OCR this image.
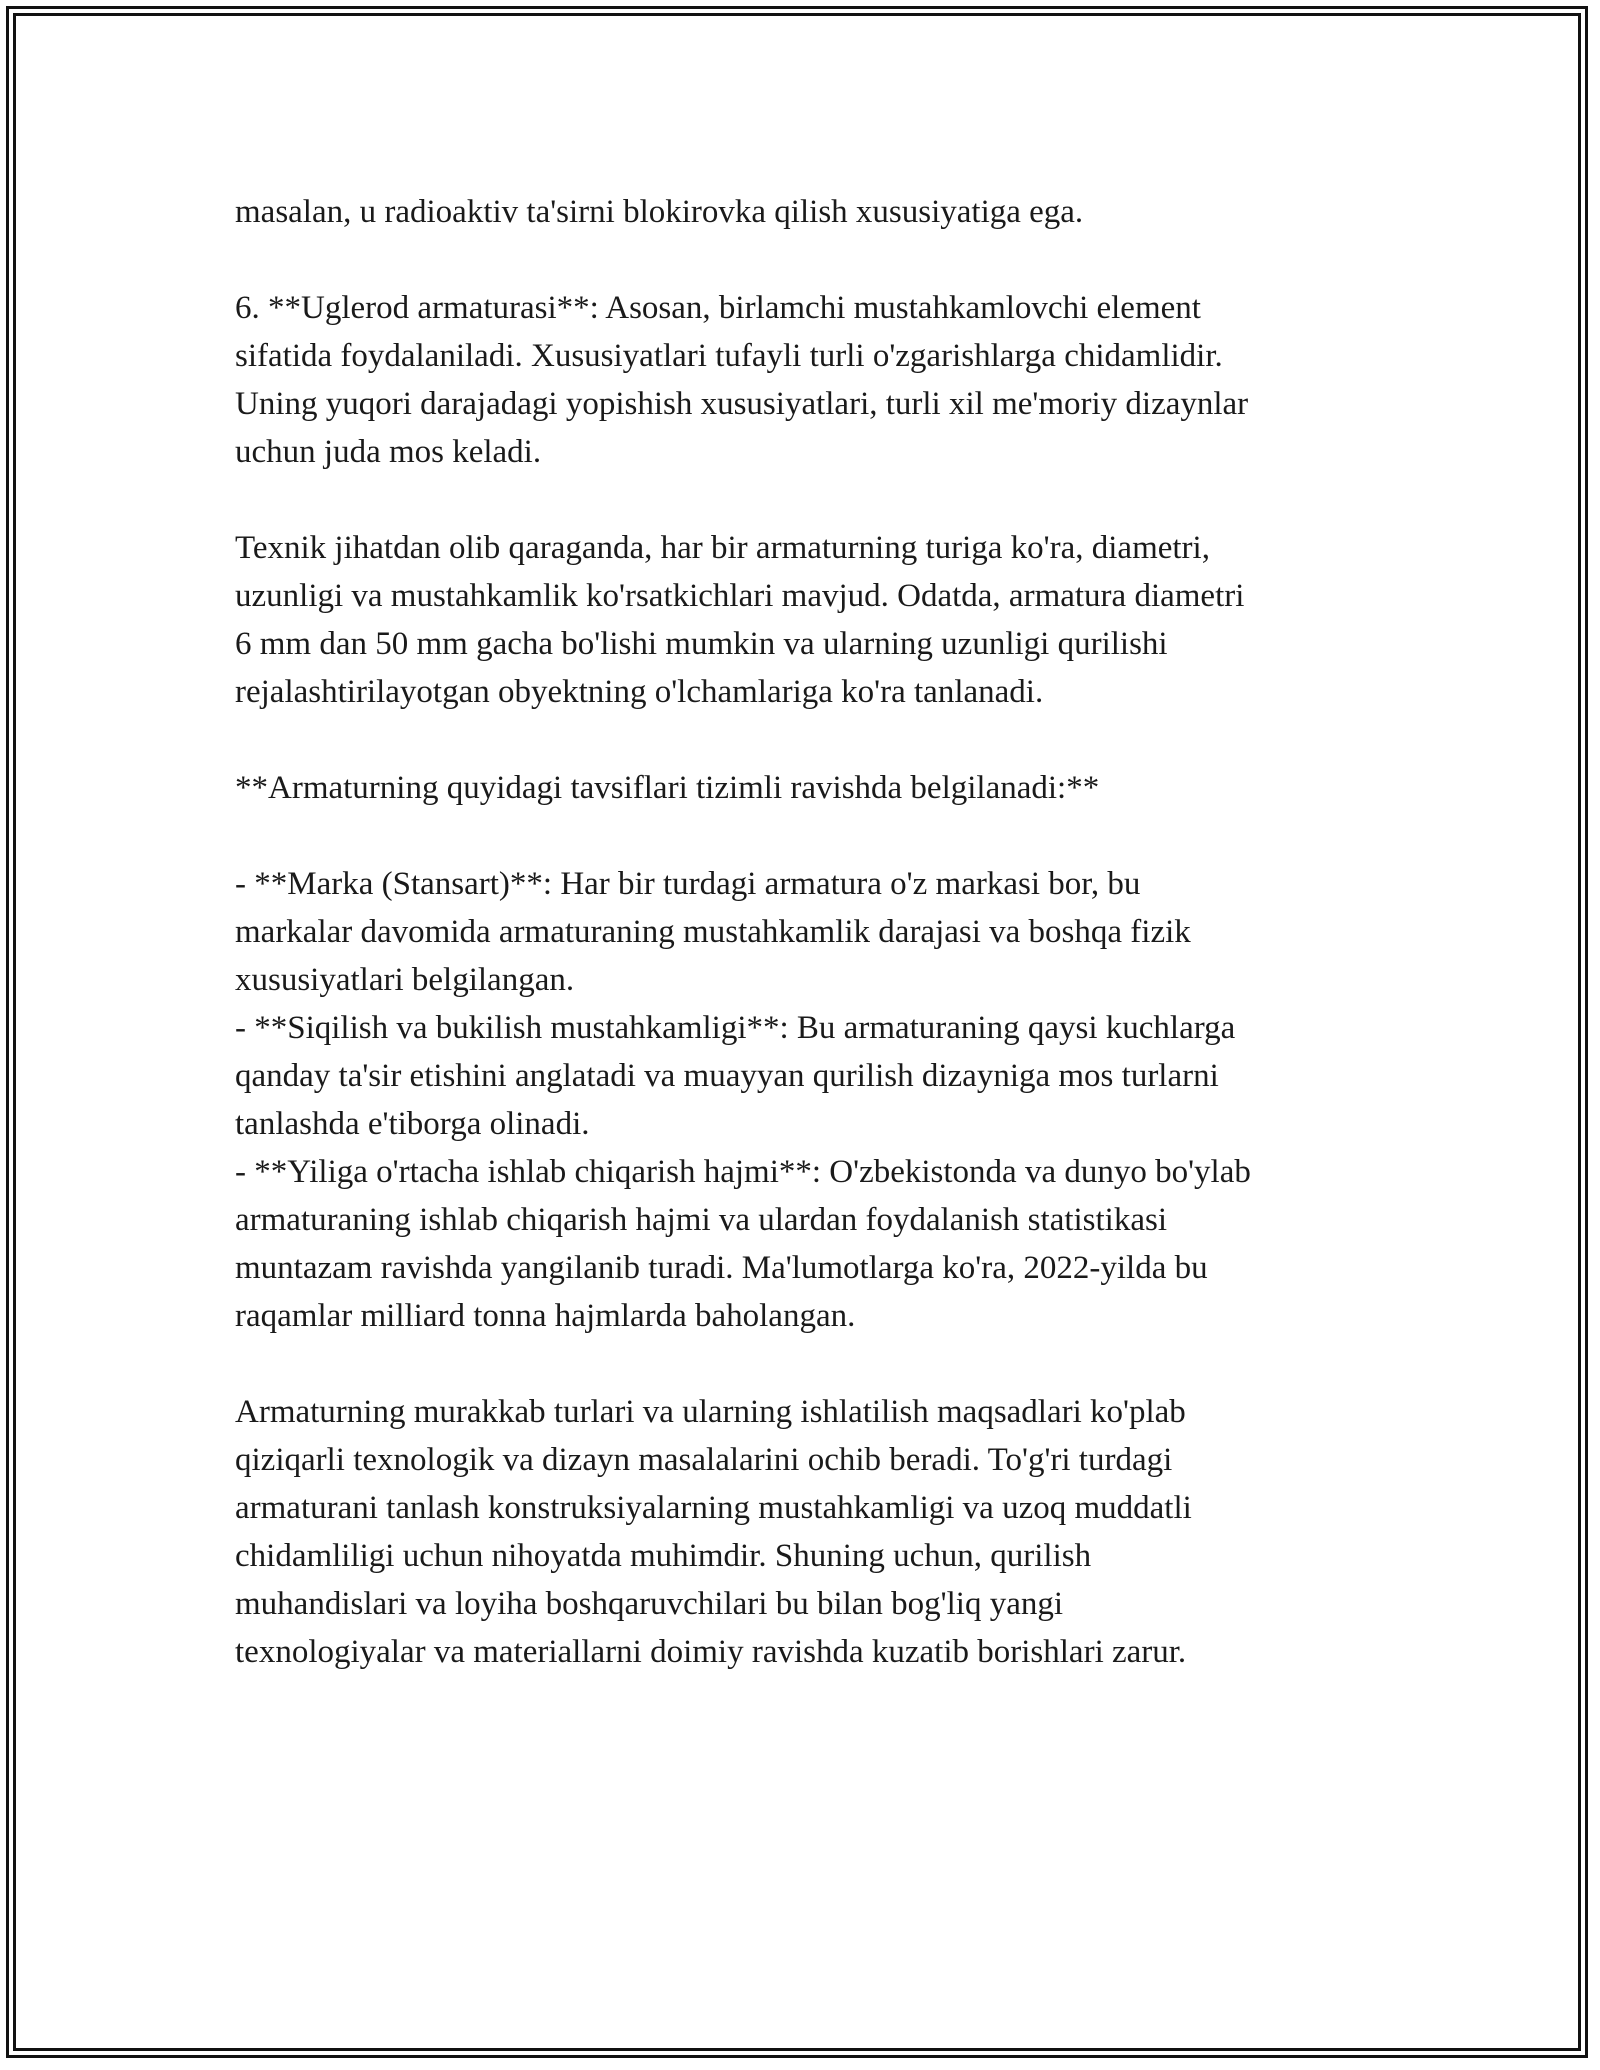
masalan, u radioaktiv ta'sirni blokirovka qilish xususiyatiga ega.

6. **Uglerod armaturasi**: Asosan, birlamchi mustahkamlovchi element
sifatida foydalaniladi. Xususiyatlari tufayli turli o'zgarishlarga chidamlidir.
Uning yuqori darajadagi yopishish xususiyatlari, turli xil me'moriy dizaynlar
uchun juda mos keladi.

Texnik jihatdan olib qaraganda, har bir armaturning turiga ko'ra, diametri,
uzunligi va mustahkamlik ko'rsatkichlari mavjud. Odatda, armatura diametri
6 mm dan 50 mm gacha bo'lishi mumkin va ularning uzunligi qurilishi
rejalashtirilayotgan obyektning o'lchamlariga ko'ra tanlanadi.

**Armaturning quyidagi tavsiflari tizimli ravishda belgilanadi:**

- **Marka (Stansart)**: Har bir turdagi armatura o'z markasi bor, bu
markalar davomida armaturaning mustahkamlik darajasi va boshqa fizik
xususiyatlari belgilangan.
- **Siqilish va bukilish mustahkamligi**: Bu armaturaning qaysi kuchlarga
qanday ta'sir etishini anglatadi va muayyan qurilish dizayniga mos turlarni
tanlashda e'tiborga olinadi.
- **Yiliga o'rtacha ishlab chiqarish hajmi**: O'zbekistonda va dunyo bo'ylab
armaturaning ishlab chiqarish hajmi va ulardan foydalanish statistikasi
muntazam ravishda yangilanib turadi. Ma'lumotlarga ko'ra, 2022-yilda bu
raqamlar milliard tonna hajmlarda baholangan.

Armaturning murakkab turlari va ularning ishlatilish maqsadlari ko'plab
qiziqarli texnologik va dizayn masalalarini ochib beradi. To'g'ri turdagi
armaturani tanlash konstruksiyalarning mustahkamligi va uzoq muddatli
chidamliligi uchun nihoyatda muhimdir. Shuning uchun, qurilish
muhandislari va loyiha boshqaruvchilari bu bilan bog'liq yangi
texnologiyalar va materiallarni doimiy ravishda kuzatib borishlari zarur.
